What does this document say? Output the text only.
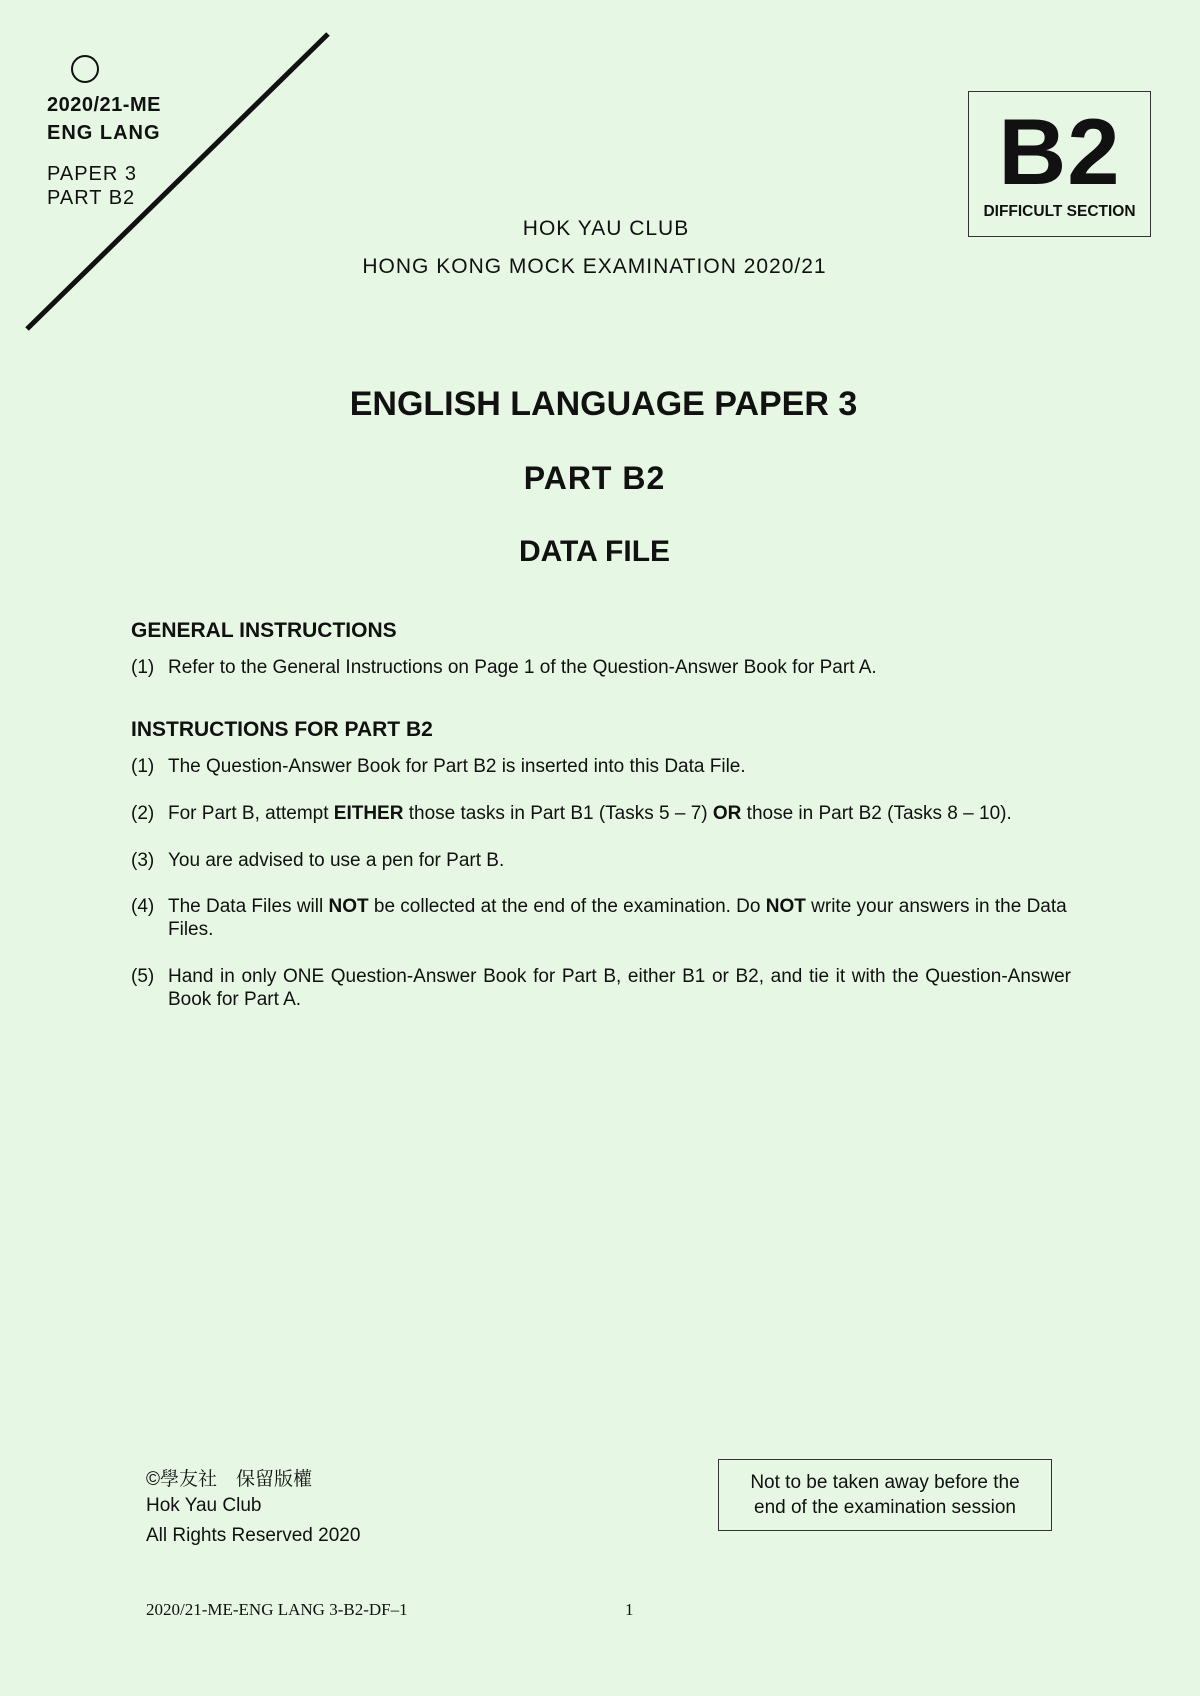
2020/21-ME
ENG LANG
PAPER 3
PART B2	B2
DIFFICULT SECTION
HOK YAU CLUB
HONG KONG MOCK EXAMINATION 2020/21
ENGLISH LANGUAGE PAPER 3
PART B2
DATA FILE
GENERAL INSTRUCTIONS
(1) Refer to the General Instructions on Page 1 of the Question-Answer Book for Part A.
INSTRUCTIONS FOR PART B2
(1) The Question-Answer Book for Part B2 is inserted into this Data File.
(2) For Part B, attempt EITHER those tasks in Part B1 (Tasks 5 – 7) OR those in Part B2 (Tasks 8 – 10).
(3) You are advised to use a pen for Part B.
(4) The Data Files will NOT be collected at the end of the examination. Do NOT write your answers in the Data Files.
(5) Hand in only ONE Question-Answer Book for Part B, either B1 or B2, and tie it with the Question-Answer Book for Part A.
©學友社　保留版權
Hok Yau Club
All Rights Reserved 2020
Not to be taken away before the
end of the examination session
2020/21-ME-ENG LANG 3-B2-DF–1	1
